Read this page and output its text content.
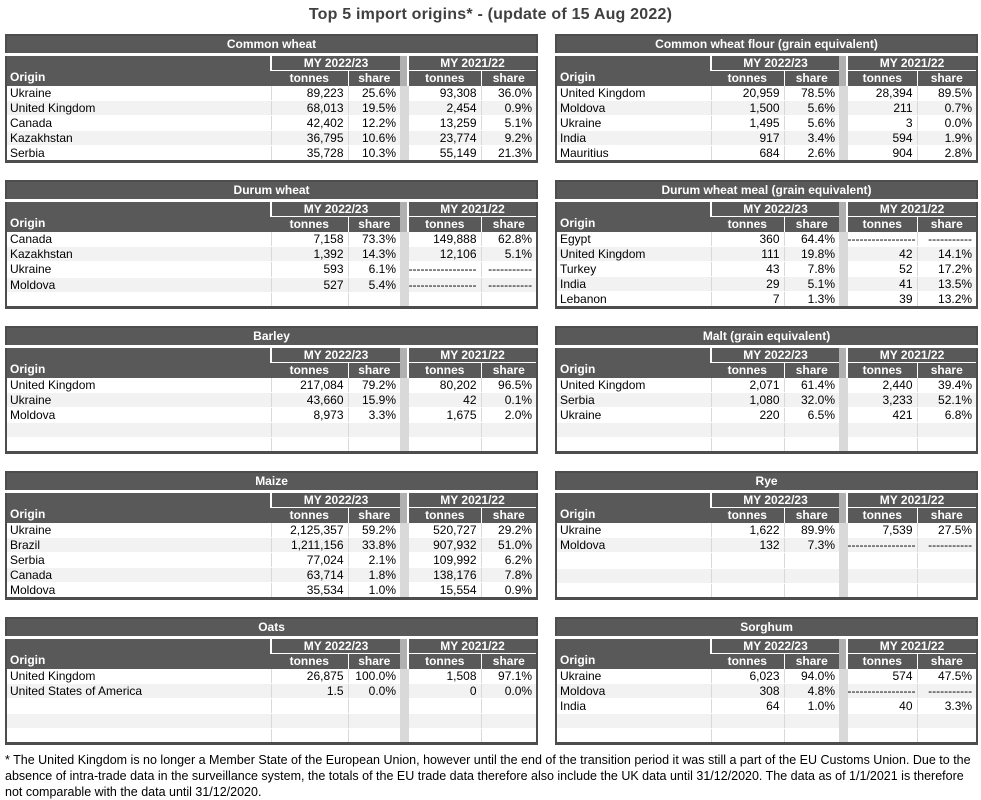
Top 5 import origins* - (update of 15 Aug 2022)
Common wheat					
Origin	MY 2022/23			MY 2021/22	
	tonnes	share		tonnes	share
Ukraine	89,223	25.6%		93,308	36.0%
United Kingdom	68,013	19.5%		2,454	0.9%
Canada	42,402	12.2%		13,259	5.1%
Kazakhstan	36,795	10.6%		23,774	9.2%
Serbia	35,728	10.3%		55,149	21.3%
Common wheat flour (grain equivalent)					
Origin	MY 2022/23			MY 2021/22	
	tonnes	share		tonnes	share
United Kingdom	20,959	78.5%		28,394	89.5%
Moldova	1,500	5.6%		211	0.7%
Ukraine	1,495	5.6%		3	0.0%
India	917	3.4%		594	1.9%
Mauritius	684	2.6%		904	2.8%
Durum wheat					
Origin	MY 2022/23			MY 2021/22	
	tonnes	share		tonnes	share
Canada	7,158	73.3%		149,888	62.8%
Kazakhstan	1,392	14.3%		12,106	5.1%
Ukraine	593	6.1%		-----------------	-----------
Moldova	527	5.4%		-----------------	-----------

Durum wheat meal (grain equivalent)					
Origin	MY 2022/23			MY 2021/22	
	tonnes	share		tonnes	share
Egypt	360	64.4%		-----------------	-----------
United Kingdom	111	19.8%		42	14.1%
Turkey	43	7.8%		52	17.2%
India	29	5.1%		41	13.5%
Lebanon	7	1.3%		39	13.2%
Barley					
Origin	MY 2022/23			MY 2021/22	
	tonnes	share		tonnes	share
United Kingdom	217,084	79.2%		80,202	96.5%
Ukraine	43,660	15.9%		42	0.1%
Moldova	8,973	3.3%		1,675	2.0%

Malt (grain equivalent)					
Origin	MY 2022/23			MY 2021/22	
	tonnes	share		tonnes	share
United Kingdom	2,071	61.4%		2,440	39.4%
Serbia	1,080	32.0%		3,233	52.1%
Ukraine	220	6.5%		421	6.8%

Maize					
Origin	MY 2022/23			MY 2021/22	
	tonnes	share		tonnes	share
Ukraine	2,125,357	59.2%		520,727	29.2%
Brazil	1,211,156	33.8%		907,932	51.0%
Serbia	77,024	2.1%		109,992	6.2%
Canada	63,714	1.8%		138,176	7.8%
Moldova	35,534	1.0%		15,554	0.9%
Rye					
Origin	MY 2022/23			MY 2021/22	
	tonnes	share		tonnes	share
Ukraine	1,622	89.9%		7,539	27.5%
Moldova	132	7.3%		-----------------	-----------

Oats					
Origin	MY 2022/23			MY 2021/22	
	tonnes	share		tonnes	share
United Kingdom	26,875	100.0%		1,508	97.1%
United States of America	1.5	0.0%		0	0.0%

Sorghum					
Origin	MY 2022/23			MY 2021/22	
	tonnes	share		tonnes	share
Ukraine	6,023	94.0%		574	47.5%
Moldova	308	4.8%		-----------------	-----------
India	64	1.0%		40	3.3%

* The United Kingdom is no longer a Member State of the European Union, however until the end of the transition period it was still a part of the EU Customs Union. Due to the absence of intra-trade data in the surveillance system, the totals of the EU trade data therefore also include the UK data until 31/12/2020. The data as of 1/1/2021 is therefore not comparable with the data until 31/12/2020.
